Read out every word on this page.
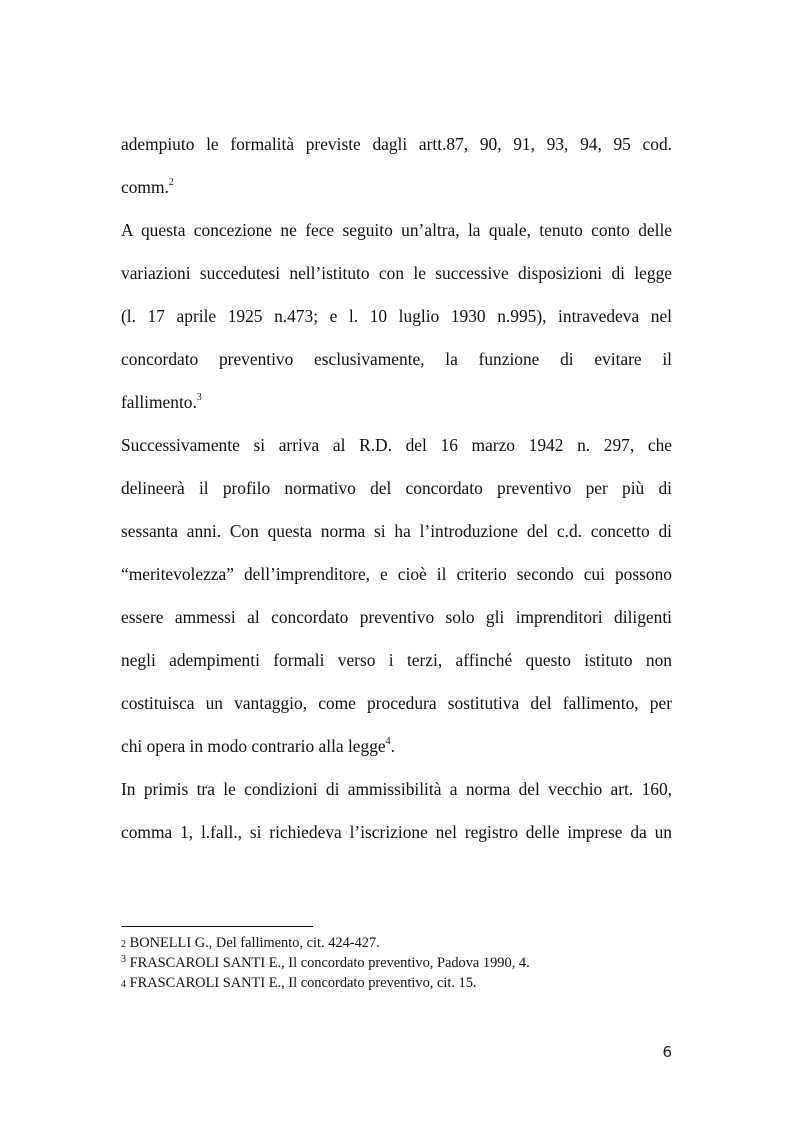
adempiuto le formalità previste dagli artt.87, 90, 91, 93, 94, 95 cod.
comm.$^2$
A questa concezione ne fece seguito un’altra, la quale, tenuto conto delle
variazioni succedutesi nell’istituto con le successive disposizioni di legge
(l. 17 aprile 1925 n.473; e l. 10 luglio 1930 n.995), intravedeva nel
concordato preventivo esclusivamente, la funzione di evitare il
fallimento.$^3$
Successivamente si arriva al R.D. del 16 marzo 1942 n. 297, che
delineerà il profilo normativo del concordato preventivo per più di
sessanta anni. Con questa norma si ha l’introduzione del c.d. concetto di
“meritevolezza” dell’imprenditore, e cioè il criterio secondo cui possono
essere ammessi al concordato preventivo solo gli imprenditori diligenti
negli adempimenti formali verso i terzi, affinché questo istituto non
costituisca un vantaggio, come procedura sostitutiva del fallimento, per
chi opera in modo contrario alla legge$^4$.
In primis tra le condizioni di ammissibilità a norma del vecchio art. 160,
comma 1, l.fall., si richiedeva l’iscrizione nel registro delle imprese da un
2 BONELLI G., Del fallimento, cit. 424-427.
$^3$ FRASCAROLI SANTI E., Il concordato preventivo, Padova 1990, 4.
4 FRASCAROLI SANTI E., Il concordato preventivo, cit. 15.
6
